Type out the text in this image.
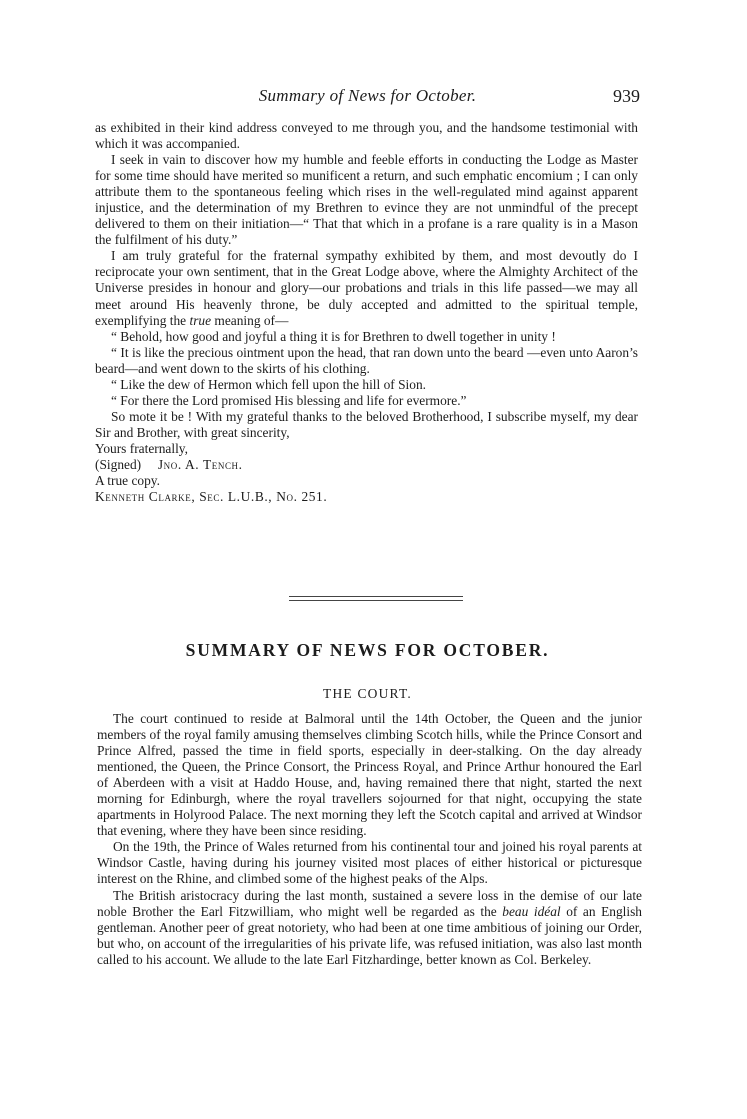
Summary of News for October.	939

as exhibited in their kind address conveyed to me through you, and the handsome testimonial with which it was accompanied.

I seek in vain to discover how my humble and feeble efforts in conducting the Lodge as Master for some time should have merited so munificent a return, and such emphatic encomium ; I can only attribute them to the spontaneous feeling which rises in the well-regulated mind against apparent injustice, and the determination of my Brethren to evince they are not unmindful of the precept delivered to them on their initiation—“ That that which in a profane is a rare quality is in a Mason the fulfilment of his duty.”

I am truly grateful for the fraternal sympathy exhibited by them, and most devoutly do I reciprocate your own sentiment, that in the Great Lodge above, where the Almighty Architect of the Universe presides in honour and glory—our probations and trials in this life passed—we may all meet around His heavenly throne, be duly accepted and admitted to the spiritual temple, exemplifying the true meaning of—

“ Behold, how good and joyful a thing it is for Brethren to dwell together in unity !

“ It is like the precious ointment upon the head, that ran down unto the beard —even unto Aaron’s beard—and went down to the skirts of his clothing.

“ Like the dew of Hermon which fell upon the hill of Sion.

“ For there the Lord promised His blessing and life for evermore.”

So mote it be ! With my grateful thanks to the beloved Brotherhood, I subscribe myself, my dear Sir and Brother, with great sincerity,

Yours fraternally,

(Signed) Jno. A. Tench.

A true copy.

Kenneth Clarke, Sec. L.U.B., No. 251.

SUMMARY OF NEWS FOR OCTOBER.
THE COURT.

The court continued to reside at Balmoral until the 14th October, the Queen and the junior members of the royal family amusing themselves climbing Scotch hills, while the Prince Consort and Prince Alfred, passed the time in field sports, especially in deer-stalking. On the day already mentioned, the Queen, the Prince Consort, the Princess Royal, and Prince Arthur honoured the Earl of Aberdeen with a visit at Haddo House, and, having remained there that night, started the next morning for Edinburgh, where the royal travellers sojourned for that night, occupying the state apartments in Holyrood Palace. The next morning they left the Scotch capital and arrived at Windsor that evening, where they have been since residing.

On the 19th, the Prince of Wales returned from his continental tour and joined his royal parents at Windsor Castle, having during his journey visited most places of either historical or picturesque interest on the Rhine, and climbed some of the highest peaks of the Alps.

The British aristocracy during the last month, sustained a severe loss in the demise of our late noble Brother the Earl Fitzwilliam, who might well be regarded as the beau idéal of an English gentleman. Another peer of great notoriety, who had been at one time ambitious of joining our Order, but who, on account of the irregularities of his private life, was refused initiation, was also last month called to his account. We allude to the late Earl Fitzhardinge, better known as Col. Berkeley.
